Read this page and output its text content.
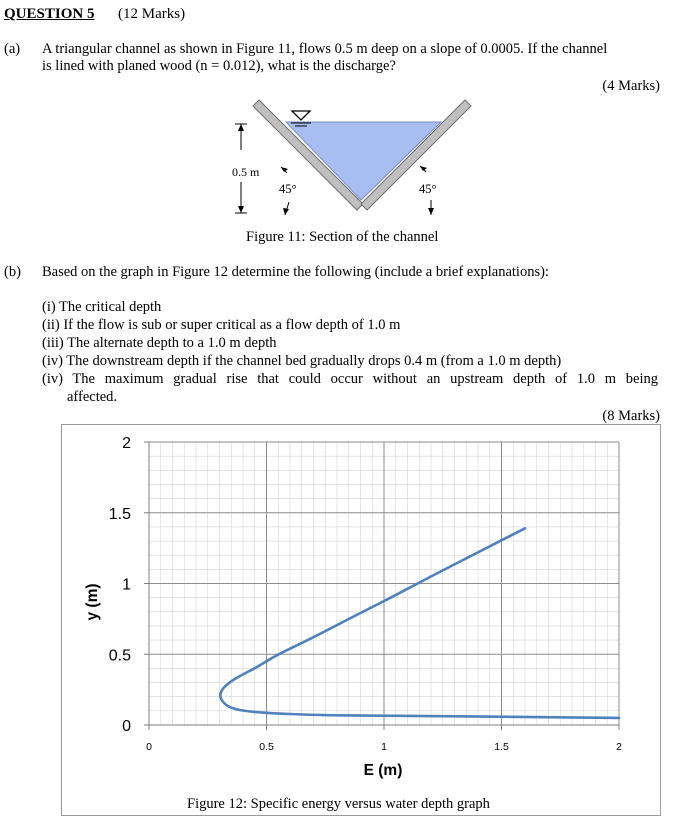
QUESTION 5 (12 Marks)
(a) A triangular channel as shown in Figure 11, flows 0.5 m deep on a slope of 0.0005. If the channel
is lined with planed wood (n = 0.012), what is the discharge?
(4 Marks)
0.5 m
45°	45°
Figure 11: Section of the channel
(b) Based on the graph in Figure 12 determine the following (include a brief explanations):
(i) The critical depth
(ii) If the flow is sub or super critical as a flow depth of 1.0 m
(iii) The alternate depth to a 1.0 m depth
(iv) The downstream depth if the channel bed gradually drops 0.4 m (from a 1.0 m depth)
(iv) The maximum gradual rise that could occur without an upstream depth of 1.0 m being
affected.
(8 Marks)
0
0.5
1
1.5
2
0	0.5	1	1.5	2
E (m)
y (m)
Figure 12: Specific energy versus water depth graph
